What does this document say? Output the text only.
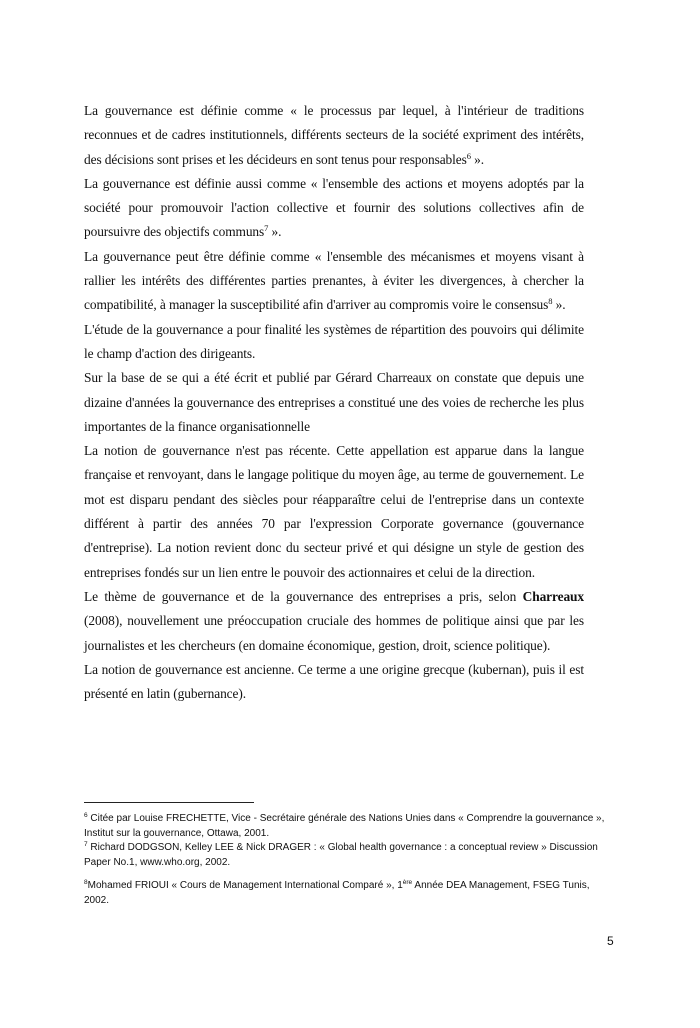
La gouvernance est définie comme « le processus par lequel, à l'intérieur de traditions reconnues et de cadres institutionnels, différents secteurs de la société expriment des intérêts, des décisions sont prises et les décideurs en sont tenus pour responsables$^6$ ».

La gouvernance est définie aussi comme « l'ensemble des actions et moyens adoptés par la société pour promouvoir l'action collective et fournir des solutions collectives afin de poursuivre des objectifs communs$^7$ ».

La gouvernance peut être définie comme « l'ensemble des mécanismes et moyens visant à rallier les intérêts des différentes parties prenantes, à éviter les divergences, à chercher la compatibilité, à manager la susceptibilité afin d'arriver au compromis voire le consensus$^8$ ».

L'étude de la gouvernance a pour finalité les systèmes de répartition des pouvoirs qui délimite le champ d'action des dirigeants.

Sur la base de se qui a été écrit et publié par Gérard Charreaux on constate que depuis une dizaine d'années la gouvernance des entreprises a constitué une des voies de recherche les plus importantes de la finance organisationnelle

La notion de gouvernance n'est pas récente. Cette appellation est apparue dans la langue française et renvoyant, dans le langage politique du moyen âge, au terme de gouvernement. Le mot est disparu pendant des siècles pour réapparaître celui de l'entreprise dans un contexte différent à partir des années 70 par l'expression Corporate governance (gouvernance d'entreprise). La notion revient donc du secteur privé et qui désigne un style de gestion des entreprises fondés sur un lien entre le pouvoir des actionnaires et celui de la direction.

Le thème de gouvernance et de la gouvernance des entreprises a pris, selon Charreaux (2008), nouvellement une préoccupation cruciale des hommes de politique ainsi que par les journalistes et les chercheurs (en domaine économique, gestion, droit, science politique).

La notion de gouvernance est ancienne. Ce terme a une origine grecque (kubernan), puis il est présenté en latin (gubernance).

$^6$ Citée par Louise FRECHETTE, Vice - Secrétaire générale des Nations Unies dans « Comprendre la gouvernance », Institut sur la gouvernance, Ottawa, 2001.

$^7$ Richard DODGSON, Kelley LEE & Nick DRAGER : « Global health governance : a conceptual review » Discussion Paper No.1, www.who.org, 2002.

$^8$Mohamed FRIOUI « Cours de Management International Comparé », 1ère Année DEA Management, FSEG Tunis, 2002.

5
